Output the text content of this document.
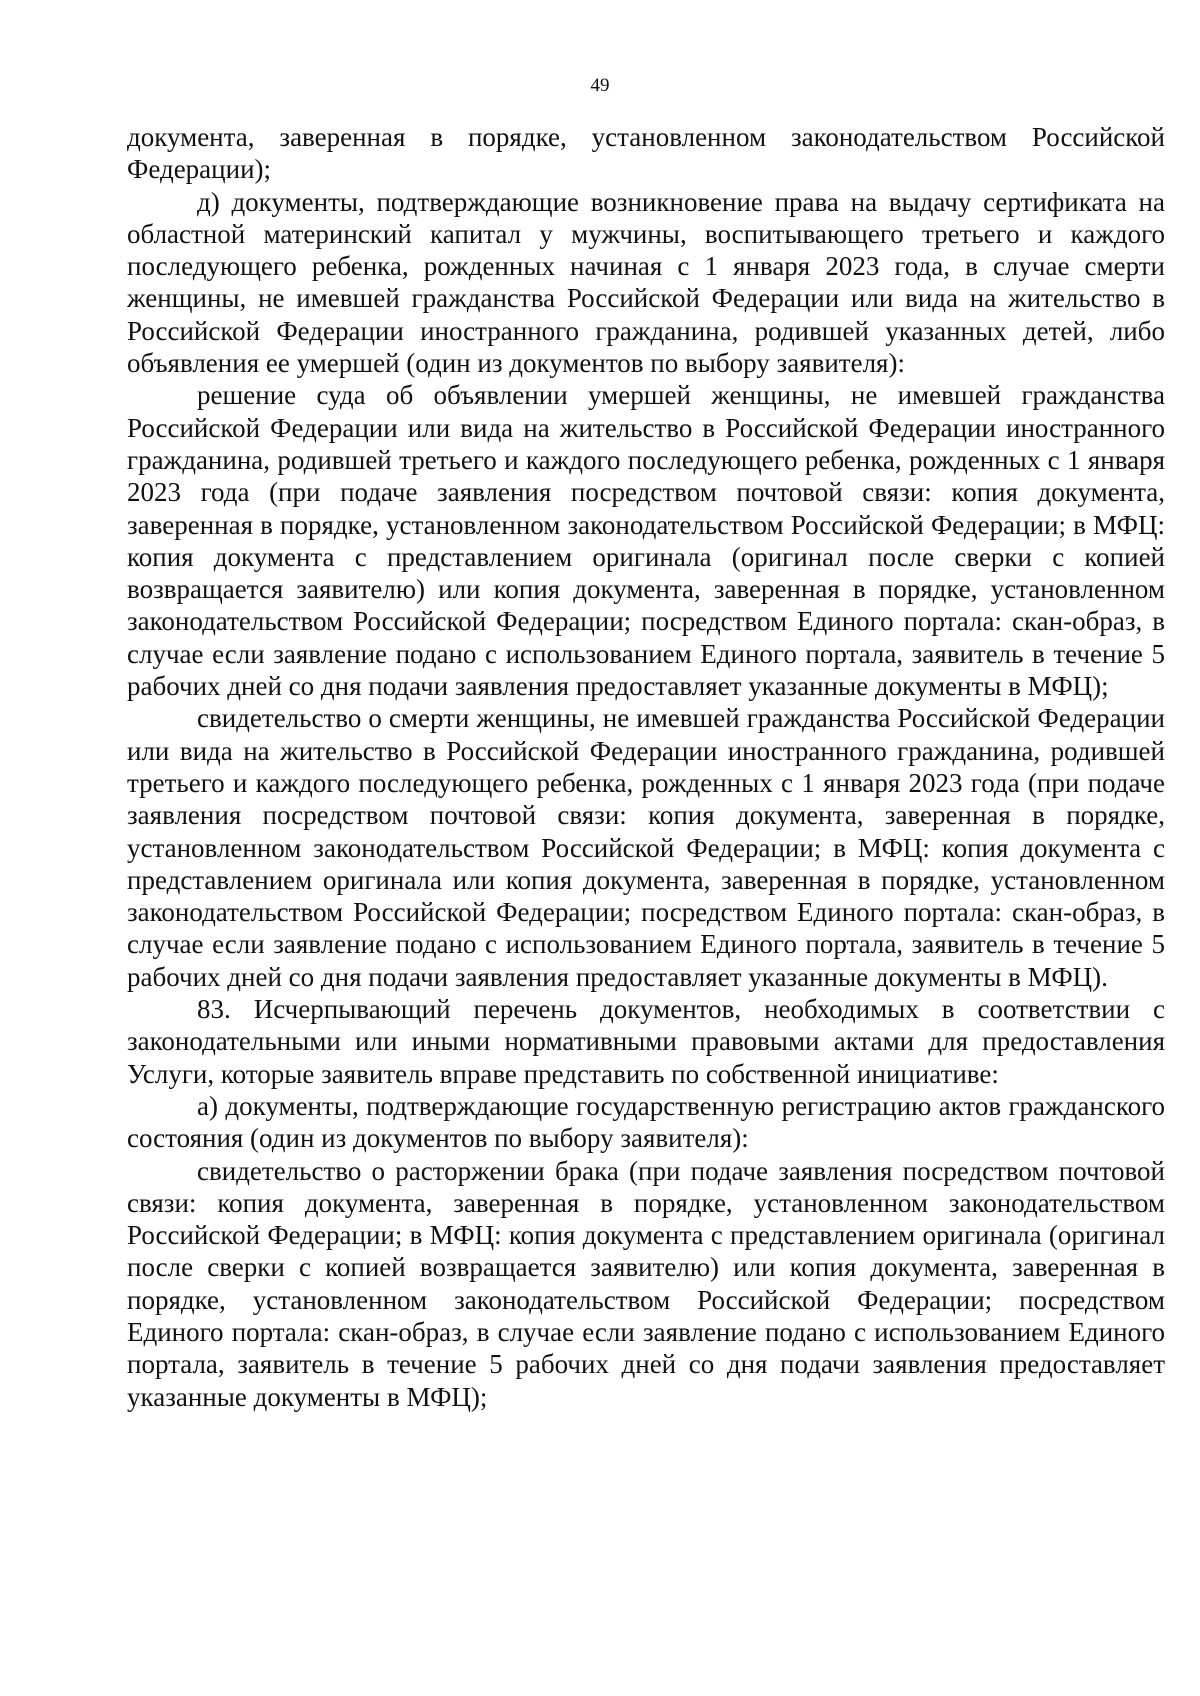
49

документа, заверенная в порядке, установленном законодательством Российской Федерации);

д) документы, подтверждающие возникновение права на выдачу сертификата на областной материнский капитал у мужчины, воспитывающего третьего и каждого последующего ребенка, рожденных начиная с 1 января 2023 года, в случае смерти женщины, не имевшей гражданства Российской Федерации или вида на жительство в Российской Федерации иностранного гражданина, родившей указанных детей, либо объявления ее умершей (один из документов по выбору заявителя):

решение суда об объявлении умершей женщины, не имевшей гражданства Российской Федерации или вида на жительство в Российской Федерации иностранного гражданина, родившей третьего и каждого последующего ребенка, рожденных с 1 января 2023 года (при подаче заявления посредством почтовой связи: копия документа, заверенная в порядке, установленном законодательством Российской Федерации; в МФЦ: копия документа с представлением оригинала (оригинал после сверки с копией возвращается заявителю) или копия документа, заверенная в порядке, установленном законодательством Российской Федерации; посредством Единого портала: скан-образ, в случае если заявление подано с использованием Единого портала, заявитель в течение 5 рабочих дней со дня подачи заявления предоставляет указанные документы в МФЦ);

свидетельство о смерти женщины, не имевшей гражданства Российской Федерации или вида на жительство в Российской Федерации иностранного гражданина, родившей третьего и каждого последующего ребенка, рожденных с 1 января 2023 года (при подаче заявления посредством почтовой связи: копия документа, заверенная в порядке, установленном законодательством Российской Федерации; в МФЦ: копия документа с представлением оригинала или копия документа, заверенная в порядке, установленном законодательством Российской Федерации; посредством Единого портала: скан-образ, в случае если заявление подано с использованием Единого портала, заявитель в течение 5 рабочих дней со дня подачи заявления предоставляет указанные документы в МФЦ).

83. Исчерпывающий перечень документов, необходимых в соответствии с законодательными или иными нормативными правовыми актами для предоставления Услуги, которые заявитель вправе представить по собственной инициативе:

а) документы, подтверждающие государственную регистрацию актов гражданского состояния (один из документов по выбору заявителя):

свидетельство о расторжении брака (при подаче заявления посредством почтовой связи: копия документа, заверенная в порядке, установленном законодательством Российской Федерации; в МФЦ: копия документа с представлением оригинала (оригинал после сверки с копией возвращается заявителю) или копия документа, заверенная в порядке, установленном законодательством Российской Федерации; посредством Единого портала: скан-образ, в случае если заявление подано с использованием Единого портала, заявитель в течение 5 рабочих дней со дня подачи заявления предоставляет указанные документы в МФЦ);
